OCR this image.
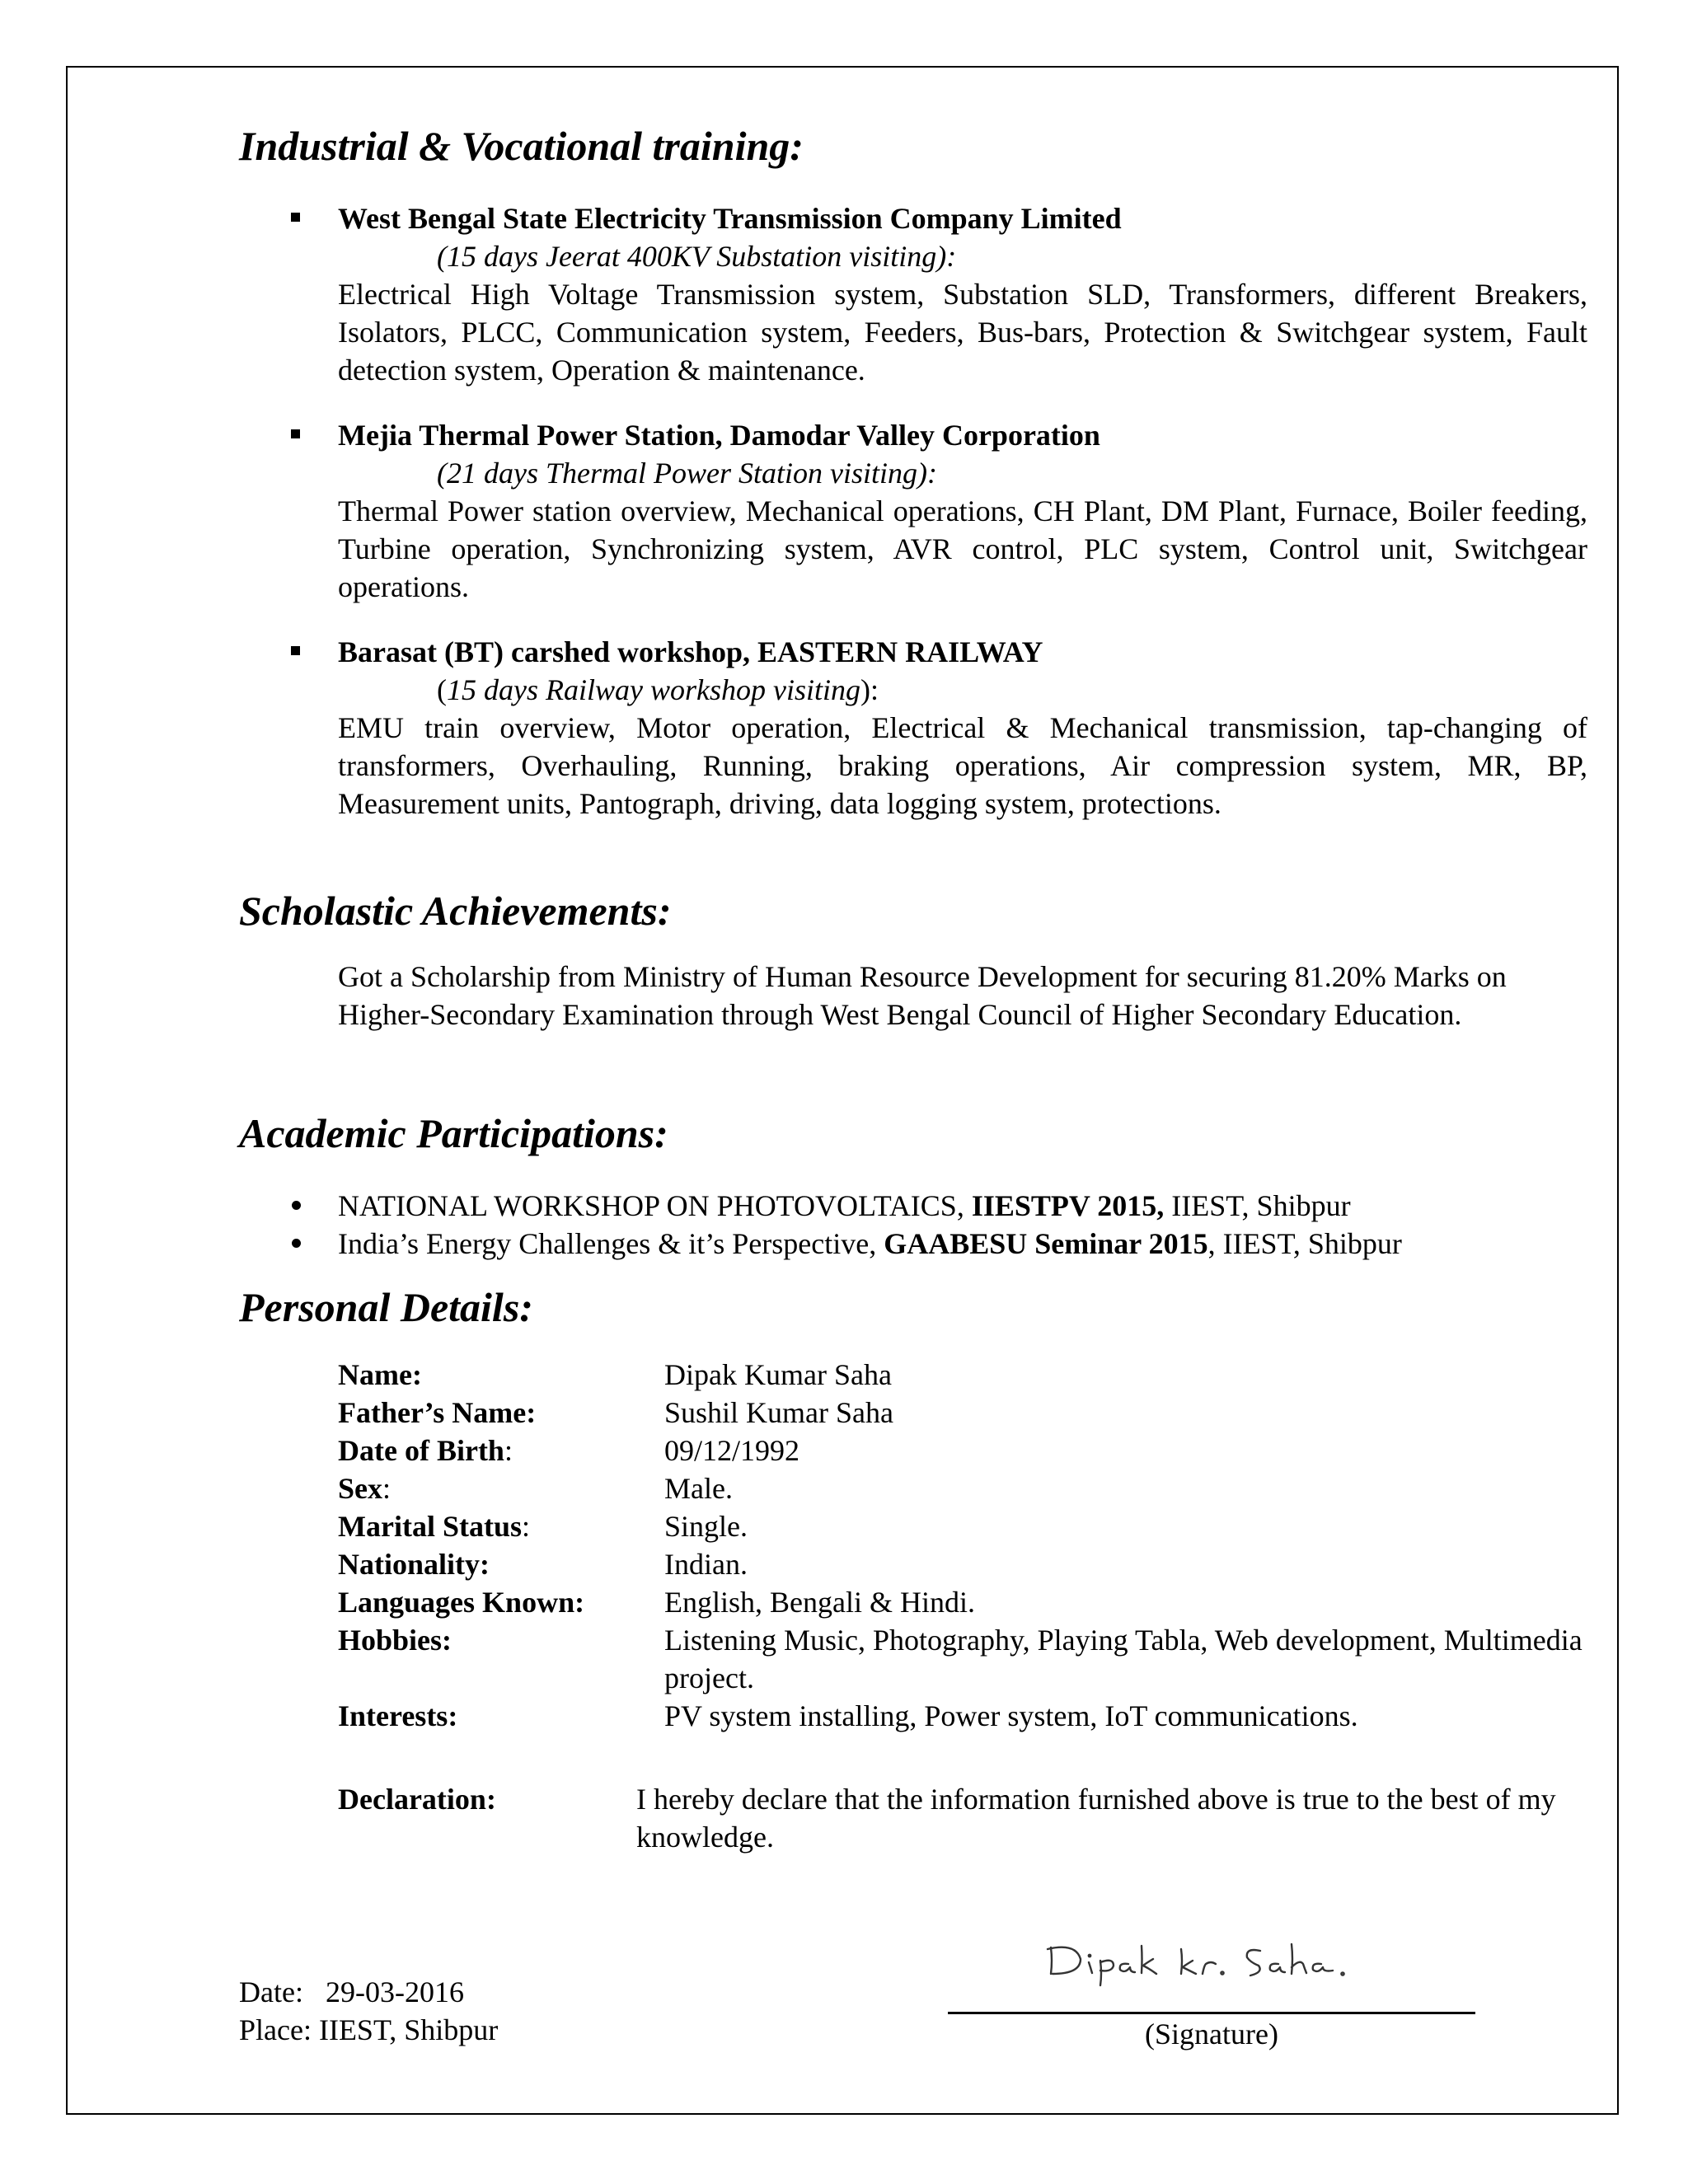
Industrial & Vocational training:
West Bengal State Electricity Transmission Company Limited
(15 days Jeerat 400KV Substation visiting):
Electrical High Voltage Transmission system, Substation SLD, Transformers, different Breakers, Isolators, PLCC, Communication system, Feeders, Bus-bars, Protection & Switchgear system, Fault detection system, Operation & maintenance.
Mejia Thermal Power Station, Damodar Valley Corporation
(21 days Thermal Power Station visiting):
Thermal Power station overview, Mechanical operations, CH Plant, DM Plant, Furnace, Boiler feeding, Turbine operation, Synchronizing system, AVR control, PLC system, Control unit, Switchgear operations.
Barasat (BT) carshed workshop, EASTERN RAILWAY
(15 days Railway workshop visiting):
EMU train overview, Motor operation, Electrical & Mechanical transmission, tap-changing of transformers, Overhauling, Running, braking operations, Air compression system, MR, BP, Measurement units, Pantograph, driving, data logging system, protections.
Scholastic Achievements:
Got a Scholarship from Ministry of Human Resource Development for securing 81.20% Marks on Higher-Secondary Examination through West Bengal Council of Higher Secondary Education.
Academic Participations:
NATIONAL WORKSHOP ON PHOTOVOLTAICS, IIESTPV 2015, IIEST, Shibpur
India’s Energy Challenges & it’s Perspective, GAABESU Seminar 2015, IIEST, Shibpur
Personal Details:
Name:	Dipak Kumar Saha
Father’s Name:	Sushil Kumar Saha
Date of Birth:	09/12/1992
Sex:	Male.
Marital Status:	Single.
Nationality:	Indian.
Languages Known:	English, Bengali & Hindi.
Hobbies:	Listening Music, Photography, Playing Tabla, Web development, Multimedia project.
Interests:	PV system installing, Power system, IoT communications.
Declaration:	I hereby declare that the information furnished above is true to the best of my knowledge.
Date: 29-03-2016
Place: IIEST, Shibpur	(Signature)
